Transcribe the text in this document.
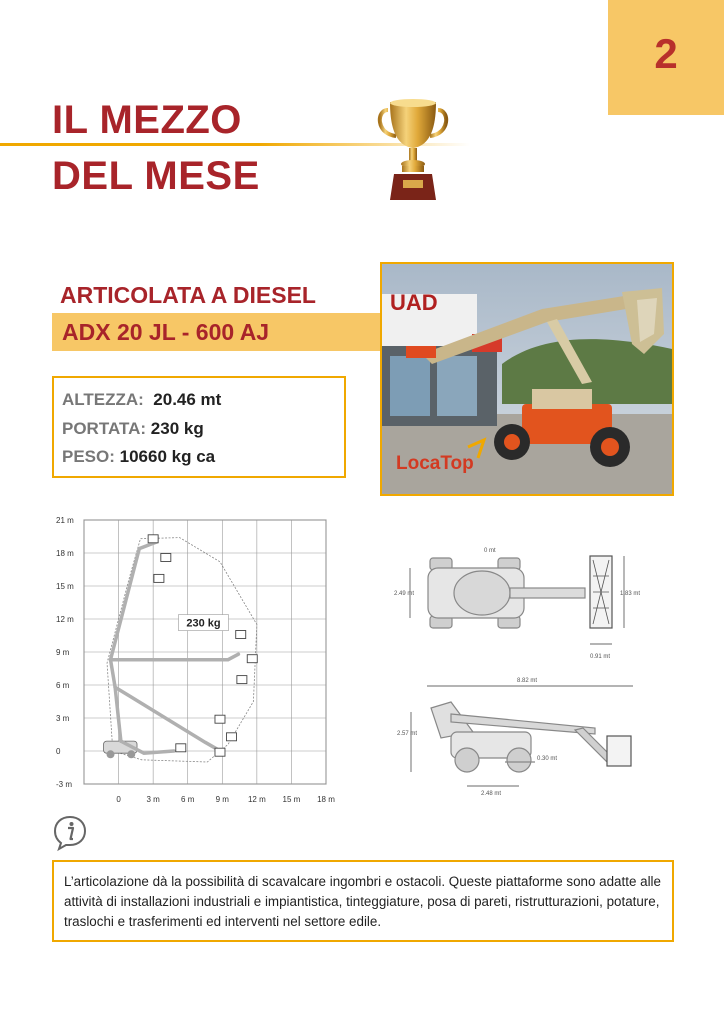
2
IL MEZZO
DEL MESE
ARTICOLATA A DIESEL
ADX 20 JL - 600 AJ
ALTEZZA: 20.46 mt
PORTATA: 230 kg
PESO: 10660 kg ca
UAD
LocaTop
21 m
18 m
15 m
12 m
9 m
6 m
3 m
0
-3 m
0	3 m	6 m	9 m 12 m 15 m 18 m
230 kg
0 mt
2.49 mt	1.83 mt
0.91 mt
8.82 mt
2.57 mt
0.30 mt
2.48 mt

L’articolazione dà la possibilità di scavalcare ingombri e ostacoli. Queste piattaforme sono adatte alle attività di installazioni industriali e impiantistica, tinteggiature, posa di pareti, ristrutturazioni, potature, traslochi e trasferimenti ed interventi nel settore edile.
